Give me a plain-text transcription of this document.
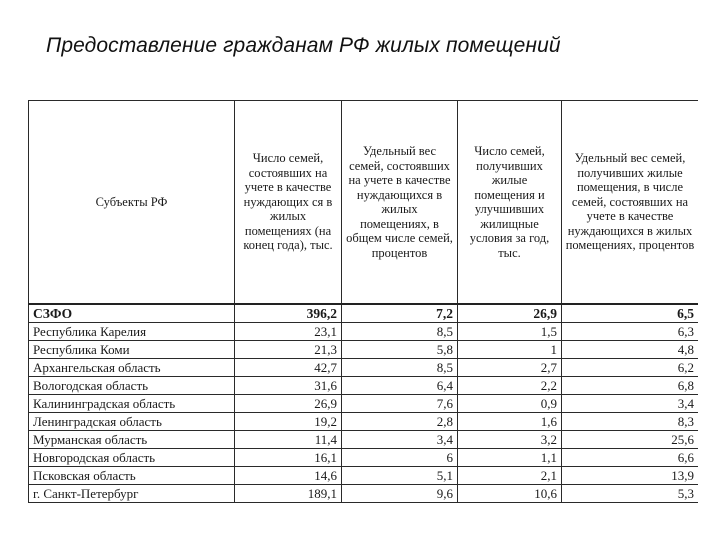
Предоставление гражданам РФ жилых помещений
Субъекты РФ	Число семей, состоявших на учете в качестве нуждающих ся в жилых помещениях (на конец года), тыс.	Удельный вес семей, состоявших на учете в качестве нуждающихся в жилых помещениях, в общем числе семей, процентов	Число семей, получивших жилые помещения и улучшивших жилищные условия за год, тыс.	Удельный вес семей, получивших жилые помещения, в числе семей, состоявших на учете в качестве нуждающихся в жилых помещениях, процентов
СЗФО	396,2	7,2	26,9	6,5
Республика Карелия	23,1	8,5	1,5	6,3
Республика Коми	21,3	5,8	1	4,8
Архангельская область	42,7	8,5	2,7	6,2
Вологодская область	31,6	6,4	2,2	6,8
Калининградская область	26,9	7,6	0,9	3,4
Ленинградская область	19,2	2,8	1,6	8,3
Мурманская область	11,4	3,4	3,2	25,6
Новгородская область	16,1	6	1,1	6,6
Псковская область	14,6	5,1	2,1	13,9
г. Санкт-Петербург	189,1	9,6	10,6	5,3
